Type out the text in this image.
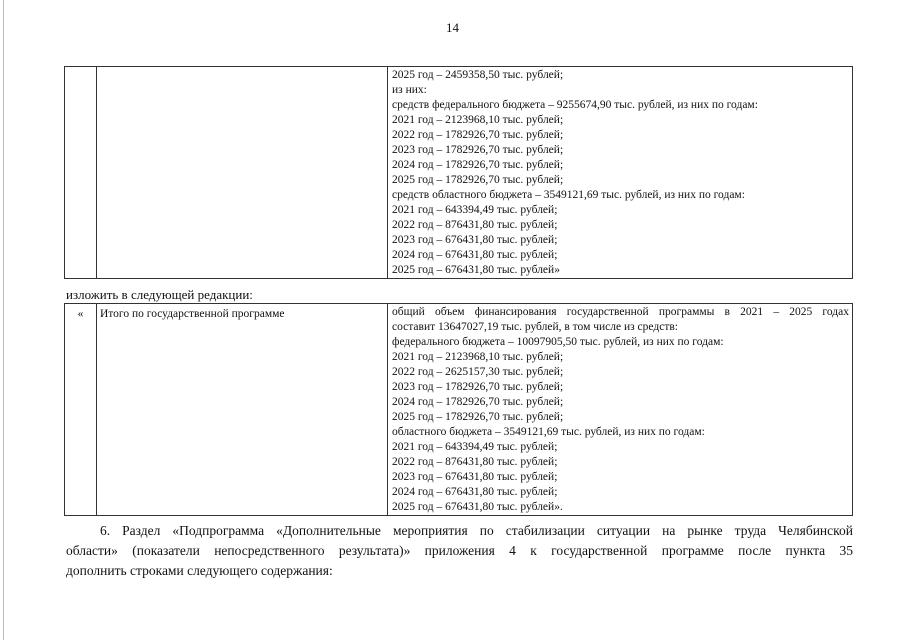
14

2025 год – 2459358,50 тыс. рублей;
из них:
средств федерального бюджета – 9255674,90 тыс. рублей, из них по годам:
2021 год – 2123968,10 тыс. рублей;
2022 год – 1782926,70 тыс. рублей;
2023 год – 1782926,70 тыс. рублей;
2024 год – 1782926,70 тыс. рублей;
2025 год – 1782926,70 тыс. рублей;
средств областного бюджета – 3549121,69 тыс. рублей, из них по годам:
2021 год – 643394,49 тыс. рублей;
2022 год – 876431,80 тыс. рублей;
2023 год – 676431,80 тыс. рублей;
2024 год – 676431,80 тыс. рублей;
2025 год – 676431,80 тыс. рублей»
изложить в следующей редакции:
«	Итого по государственной программе	общий объем финансирования государственной программы в 2021 – 2025 годах
составит 13647027,19 тыс. рублей, в том числе из средств:
федерального бюджета – 10097905,50 тыс. рублей, из них по годам:
2021 год – 2123968,10 тыс. рублей;
2022 год – 2625157,30 тыс. рублей;
2023 год – 1782926,70 тыс. рублей;
2024 год – 1782926,70 тыс. рублей;
2025 год – 1782926,70 тыс. рублей;
областного бюджета – 3549121,69 тыс. рублей, из них по годам:
2021 год – 643394,49 тыс. рублей;
2022 год – 876431,80 тыс. рублей;
2023 год – 676431,80 тыс. рублей;
2024 год – 676431,80 тыс. рублей;
2025 год – 676431,80 тыс. рублей».
6. Раздел «Подпрограмма «Дополнительные мероприятия по стабилизации ситуации на рынке труда Челябинской
области» (показатели непосредственного результата)» приложения 4 к государственной программе после пункта 35
дополнить строками следующего содержания:
